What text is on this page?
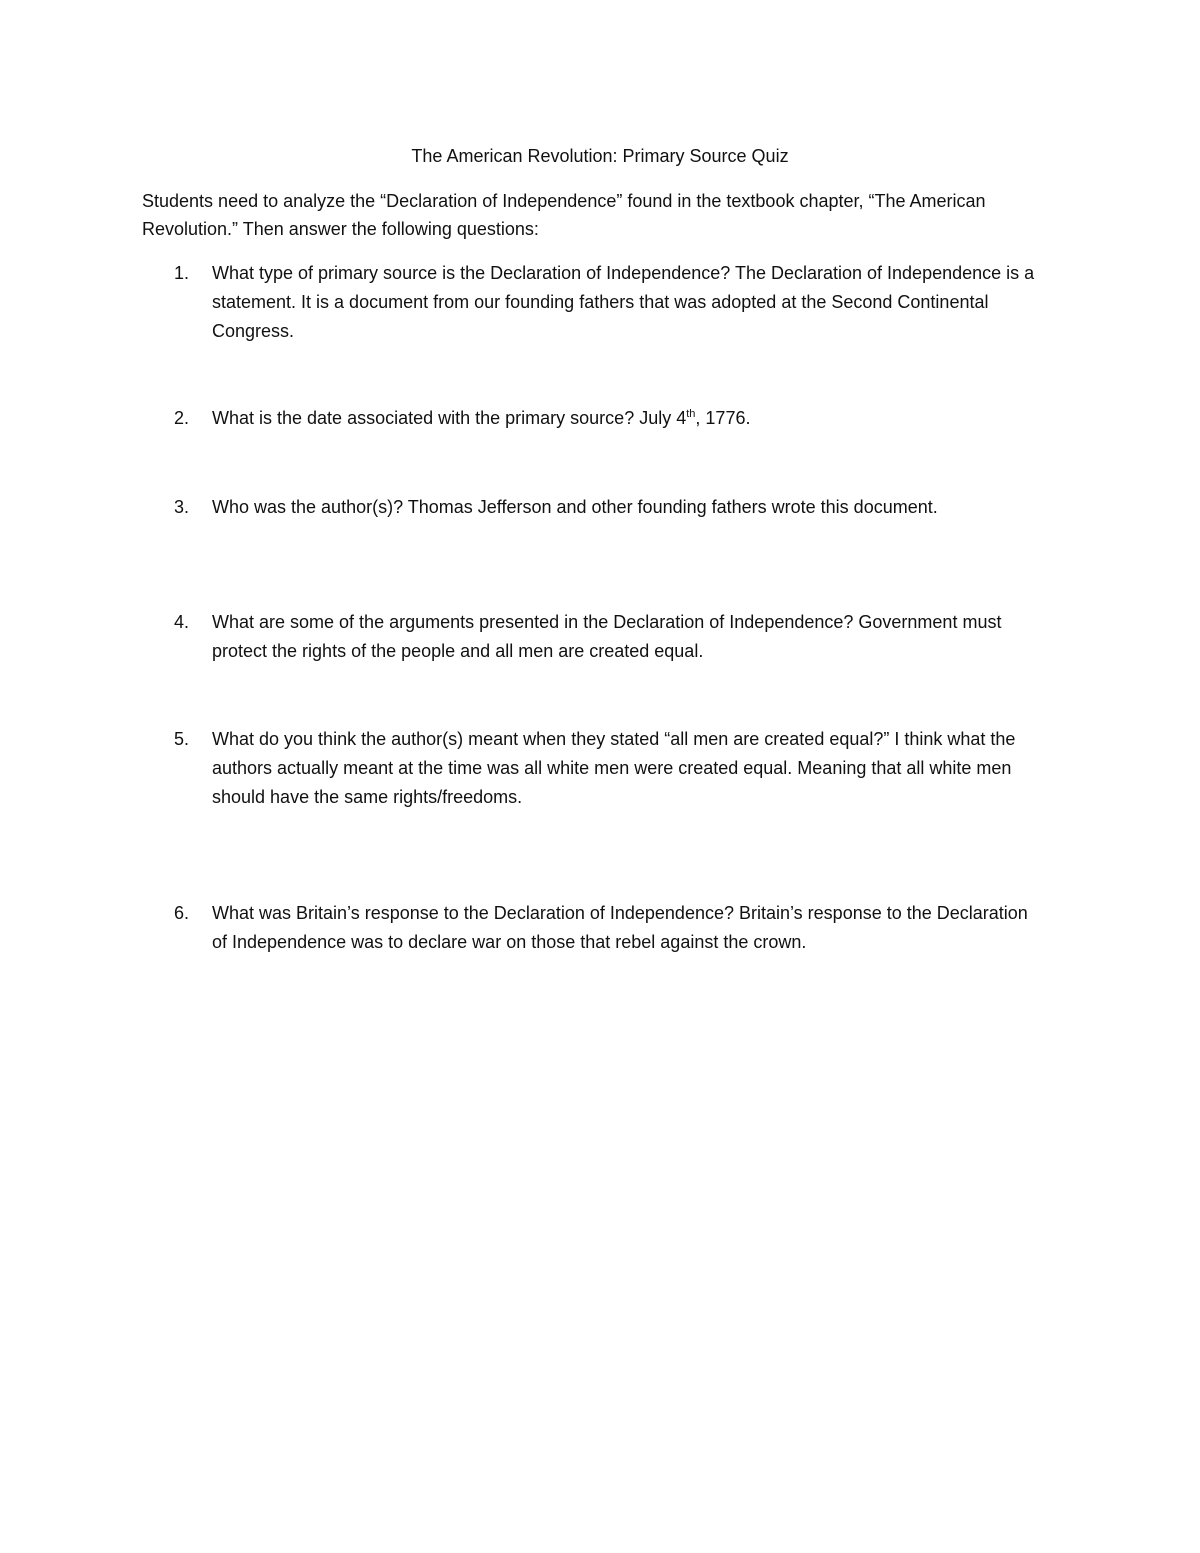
The American Revolution: Primary Source Quiz

Students need to analyze the “Declaration of Independence” found in the textbook chapter, “The American Revolution.” Then answer the following questions:

1.	What type of primary source is the Declaration of Independence? The Declaration of Independence is a statement. It is a document from our founding fathers that was adopted at the Second Continental Congress.
2.	What is the date associated with the primary source? July 4th, 1776.
3.	Who was the author(s)? Thomas Jefferson and other founding fathers wrote this document.
4.	What are some of the arguments presented in the Declaration of Independence? Government must protect the rights of the people and all men are created equal.
5.	What do you think the author(s) meant when they stated “all men are created equal?” I think what the authors actually meant at the time was all white men were created equal. Meaning that all white men should have the same rights/freedoms.
6.	What was Britain’s response to the Declaration of Independence? Britain’s response to the Declaration of Independence was to declare war on those that rebel against the crown.
